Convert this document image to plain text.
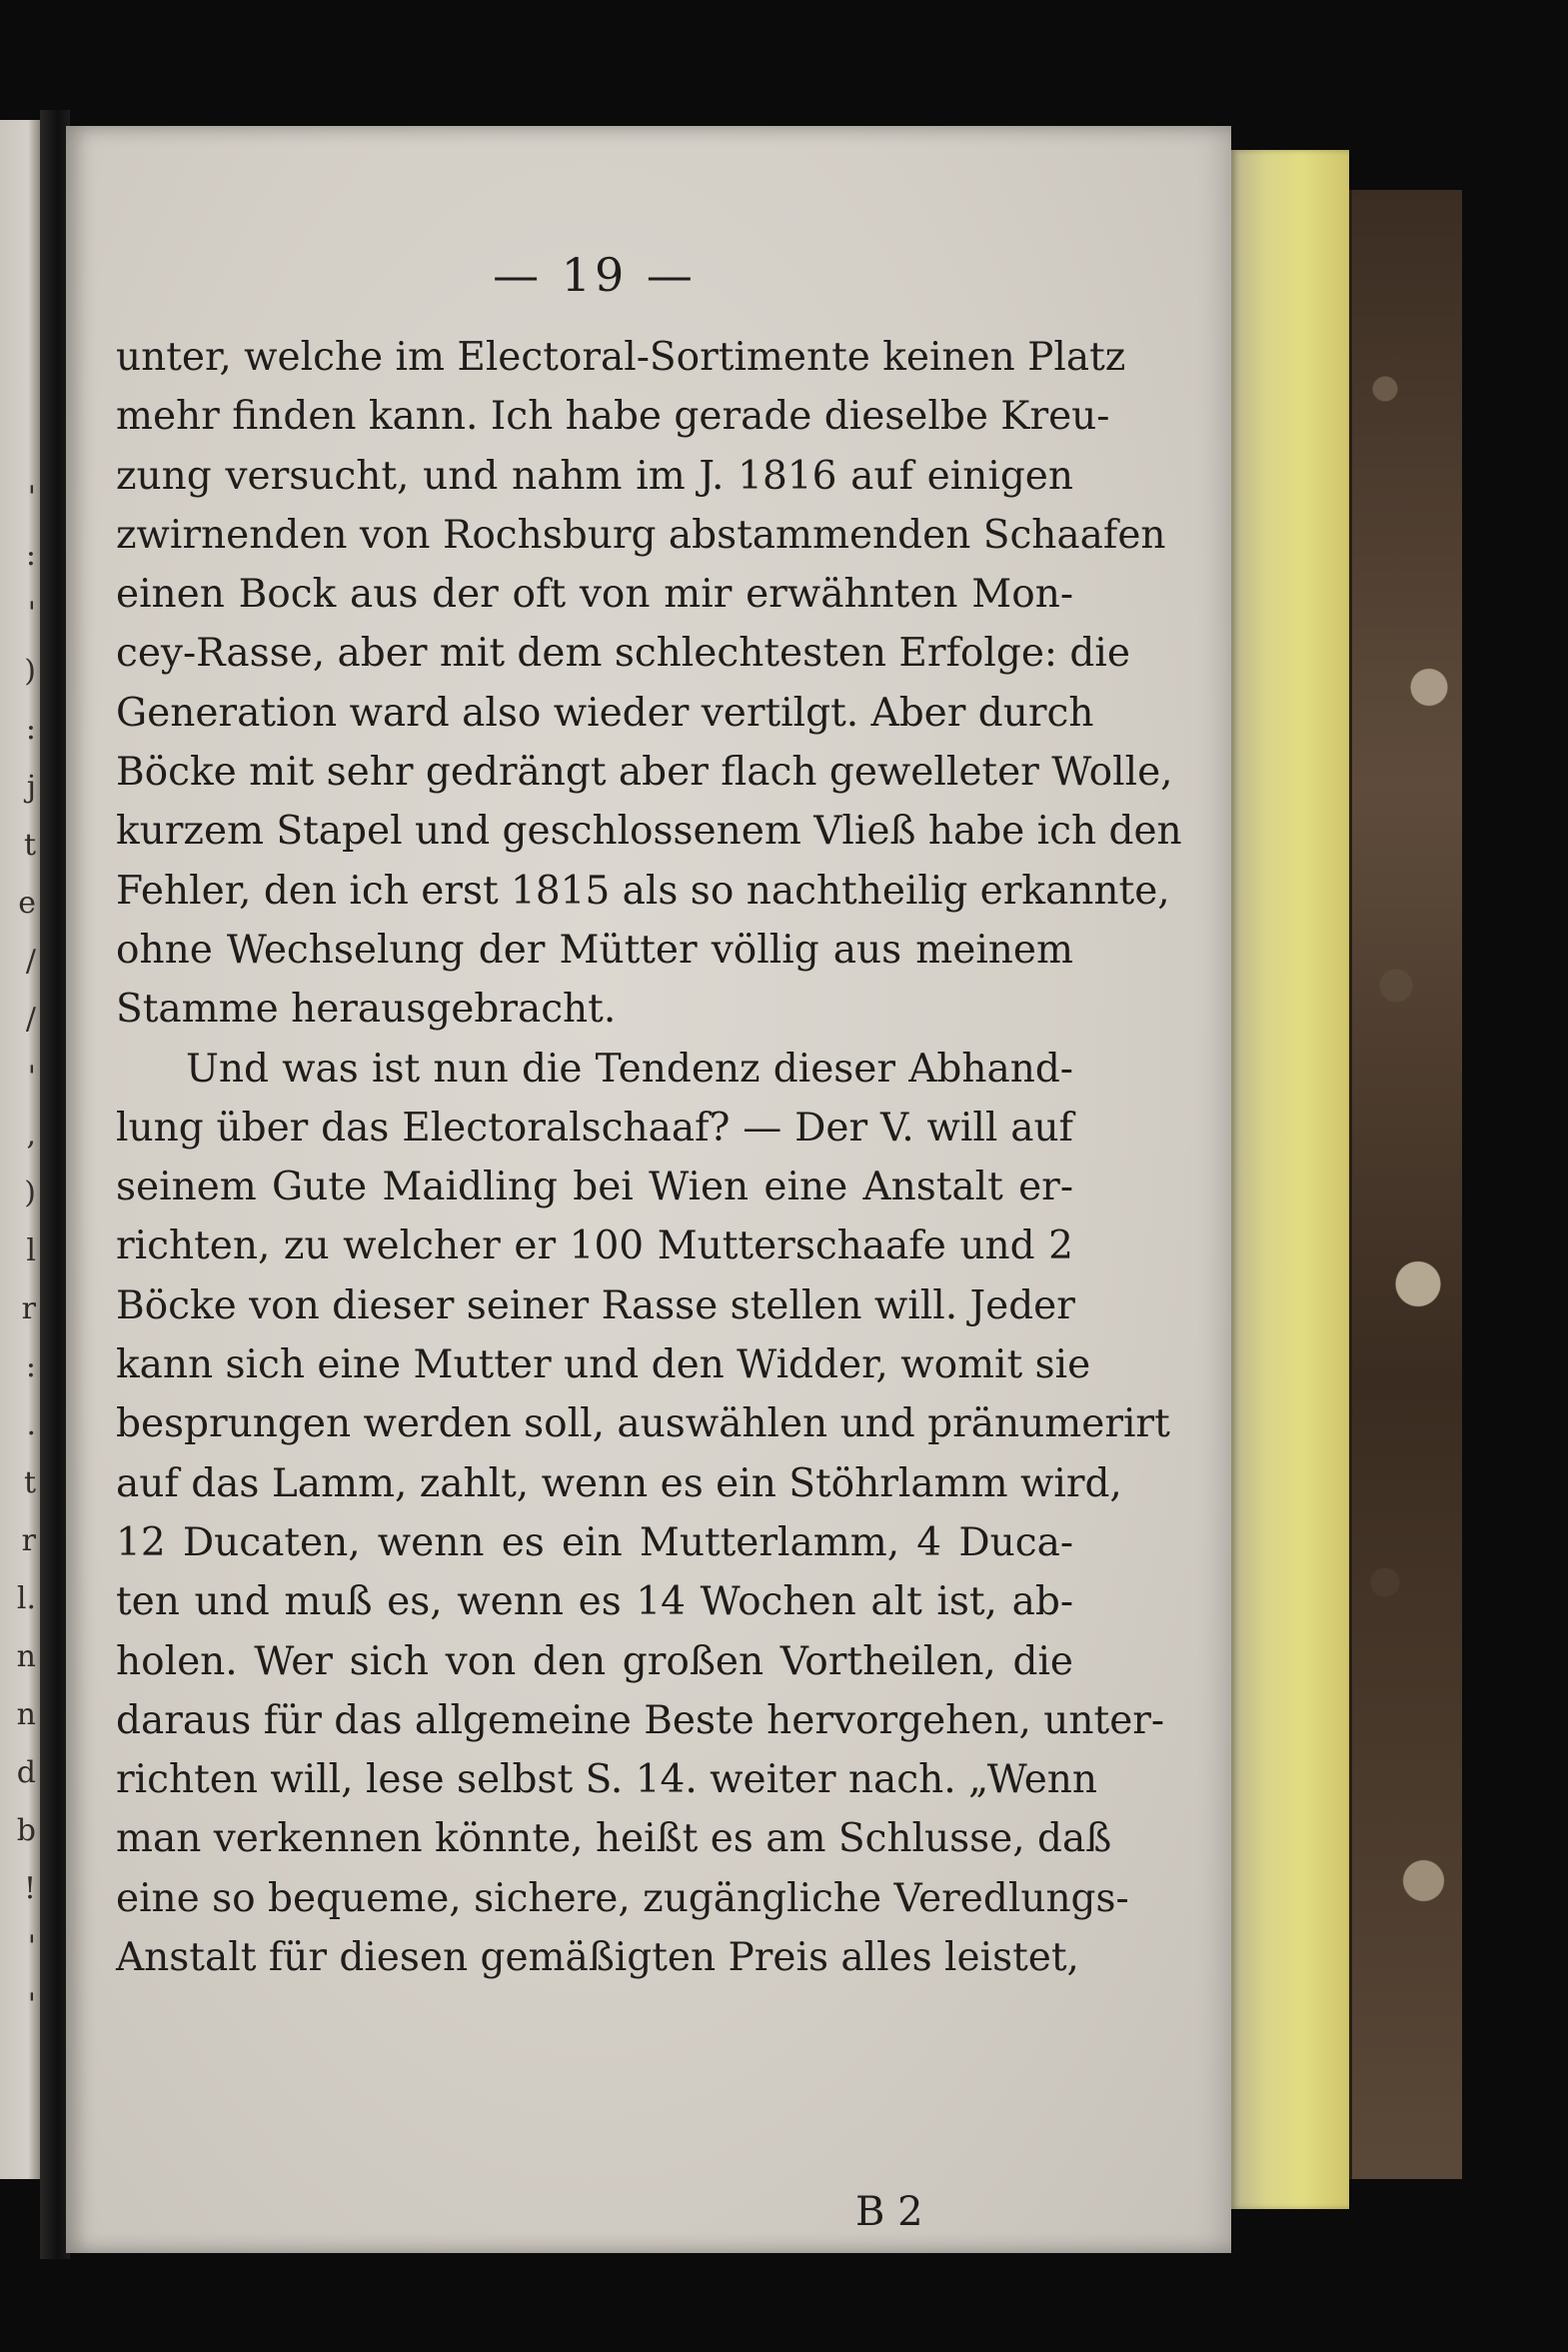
'
:
'
)
:
j
t
e
/
/
'
,
)
l
r
:
.
t
r
l.
n
n
d
b
!
'
'
— 19 —
unter, welche im Electoral-Sortimente keinen Platz
mehr finden kann. Ich habe gerade dieselbe Kreu-
zung versucht, und nahm im J. 1816 auf einigen
zwirnenden von Rochsburg abstammenden Schaafen
einen Bock aus der oft von mir erwähnten Mon-
cey-Rasse, aber mit dem schlechtesten Erfolge: die
Generation ward also wieder vertilgt. Aber durch
Böcke mit sehr gedrängt aber flach gewelleter Wolle,
kurzem Stapel und geschlossenem Vließ habe ich den
Fehler, den ich erst 1815 als so nachtheilig erkannte,
ohne Wechselung der Mütter völlig aus meinem
Stamme herausgebracht.
Und was ist nun die Tendenz dieser Abhand-
lung über das Electoralschaaf? — Der V. will auf
seinem Gute Maidling bei Wien eine Anstalt er-
richten, zu welcher er 100 Mutterschaafe und 2
Böcke von dieser seiner Rasse stellen will. Jeder
kann sich eine Mutter und den Widder, womit sie
besprungen werden soll, auswählen und pränumerirt
auf das Lamm, zahlt, wenn es ein Stöhrlamm wird,
12 Ducaten, wenn es ein Mutterlamm, 4 Duca-
ten und muß es, wenn es 14 Wochen alt ist, ab-
holen. Wer sich von den großen Vortheilen, die
daraus für das allgemeine Beste hervorgehen, unter-
richten will, lese selbst S. 14. weiter nach. „Wenn
man verkennen könnte, heißt es am Schlusse, daß
eine so bequeme, sichere, zugängliche Veredlungs-
Anstalt für diesen gemäßigten Preis alles leistet,
B 2
